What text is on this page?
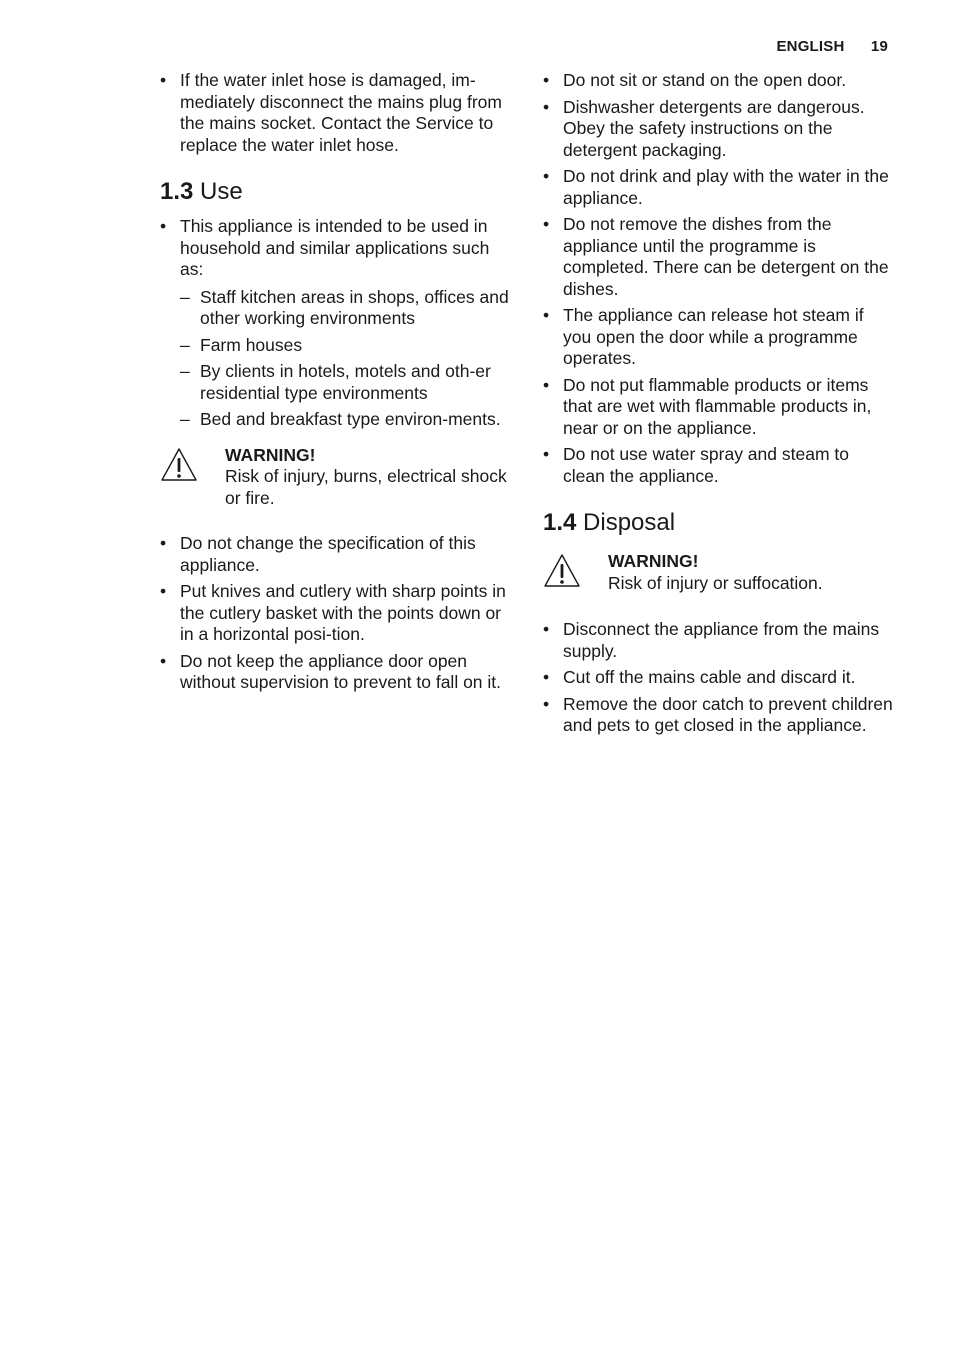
ENGLISH 19
• If the water inlet hose is damaged, im-mediately disconnect the mains plug from the mains socket. Contact the Service to replace the water inlet hose.
1.3 Use
• This appliance is intended to be used in household and similar applications such as:
– Staff kitchen areas in shops, offices and other working environments
– Farm houses
– By clients in hotels, motels and oth-er residential type environments
– Bed and breakfast type environ-ments.
WARNING!
Risk of injury, burns, electrical shock or fire.
• Do not change the specification of this appliance.
• Put knives and cutlery with sharp points in the cutlery basket with the points down or in a horizontal posi-tion.
• Do not keep the appliance door open without supervision to prevent to fall on it.
• Do not sit or stand on the open door.
• Dishwasher detergents are dangerous. Obey the safety instructions on the detergent packaging.
• Do not drink and play with the water in the appliance.
• Do not remove the dishes from the appliance until the programme is completed. There can be detergent on the dishes.
• The appliance can release hot steam if you open the door while a programme operates.
• Do not put flammable products or items that are wet with flammable products in, near or on the appliance.
• Do not use water spray and steam to clean the appliance.
1.4 Disposal
WARNING!
Risk of injury or suffocation.
• Disconnect the appliance from the mains supply.
• Cut off the mains cable and discard it.
• Remove the door catch to prevent children and pets to get closed in the appliance.
